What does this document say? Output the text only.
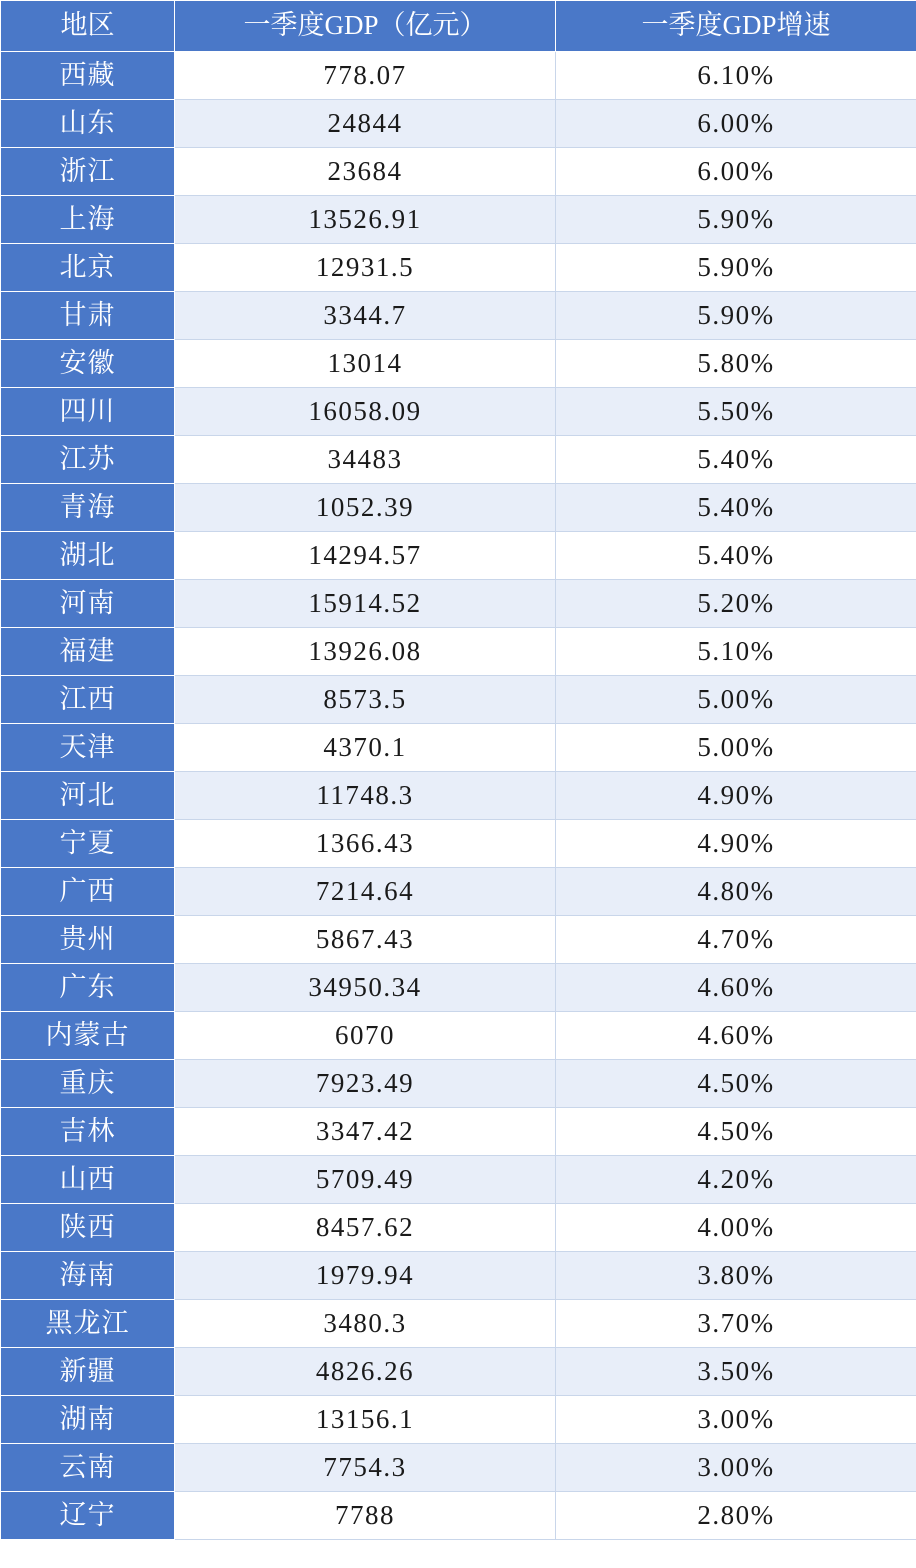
地区	一季度GDP（亿元）	一季度GDP增速
西藏	778.07	6.10%
山东	24844	6.00%
浙江	23684	6.00%
上海	13526.91	5.90%
北京	12931.5	5.90%
甘肃	3344.7	5.90%
安徽	13014	5.80%
四川	16058.09	5.50%
江苏	34483	5.40%
青海	1052.39	5.40%
湖北	14294.57	5.40%
河南	15914.52	5.20%
福建	13926.08	5.10%
江西	8573.5	5.00%
天津	4370.1	5.00%
河北	11748.3	4.90%
宁夏	1366.43	4.90%
广西	7214.64	4.80%
贵州	5867.43	4.70%
广东	34950.34	4.60%
内蒙古	6070	4.60%
重庆	7923.49	4.50%
吉林	3347.42	4.50%
山西	5709.49	4.20%
陕西	8457.62	4.00%
海南	1979.94	3.80%
黑龙江	3480.3	3.70%
新疆	4826.26	3.50%
湖南	13156.1	3.00%
云南	7754.3	3.00%
辽宁	7788	2.80%
